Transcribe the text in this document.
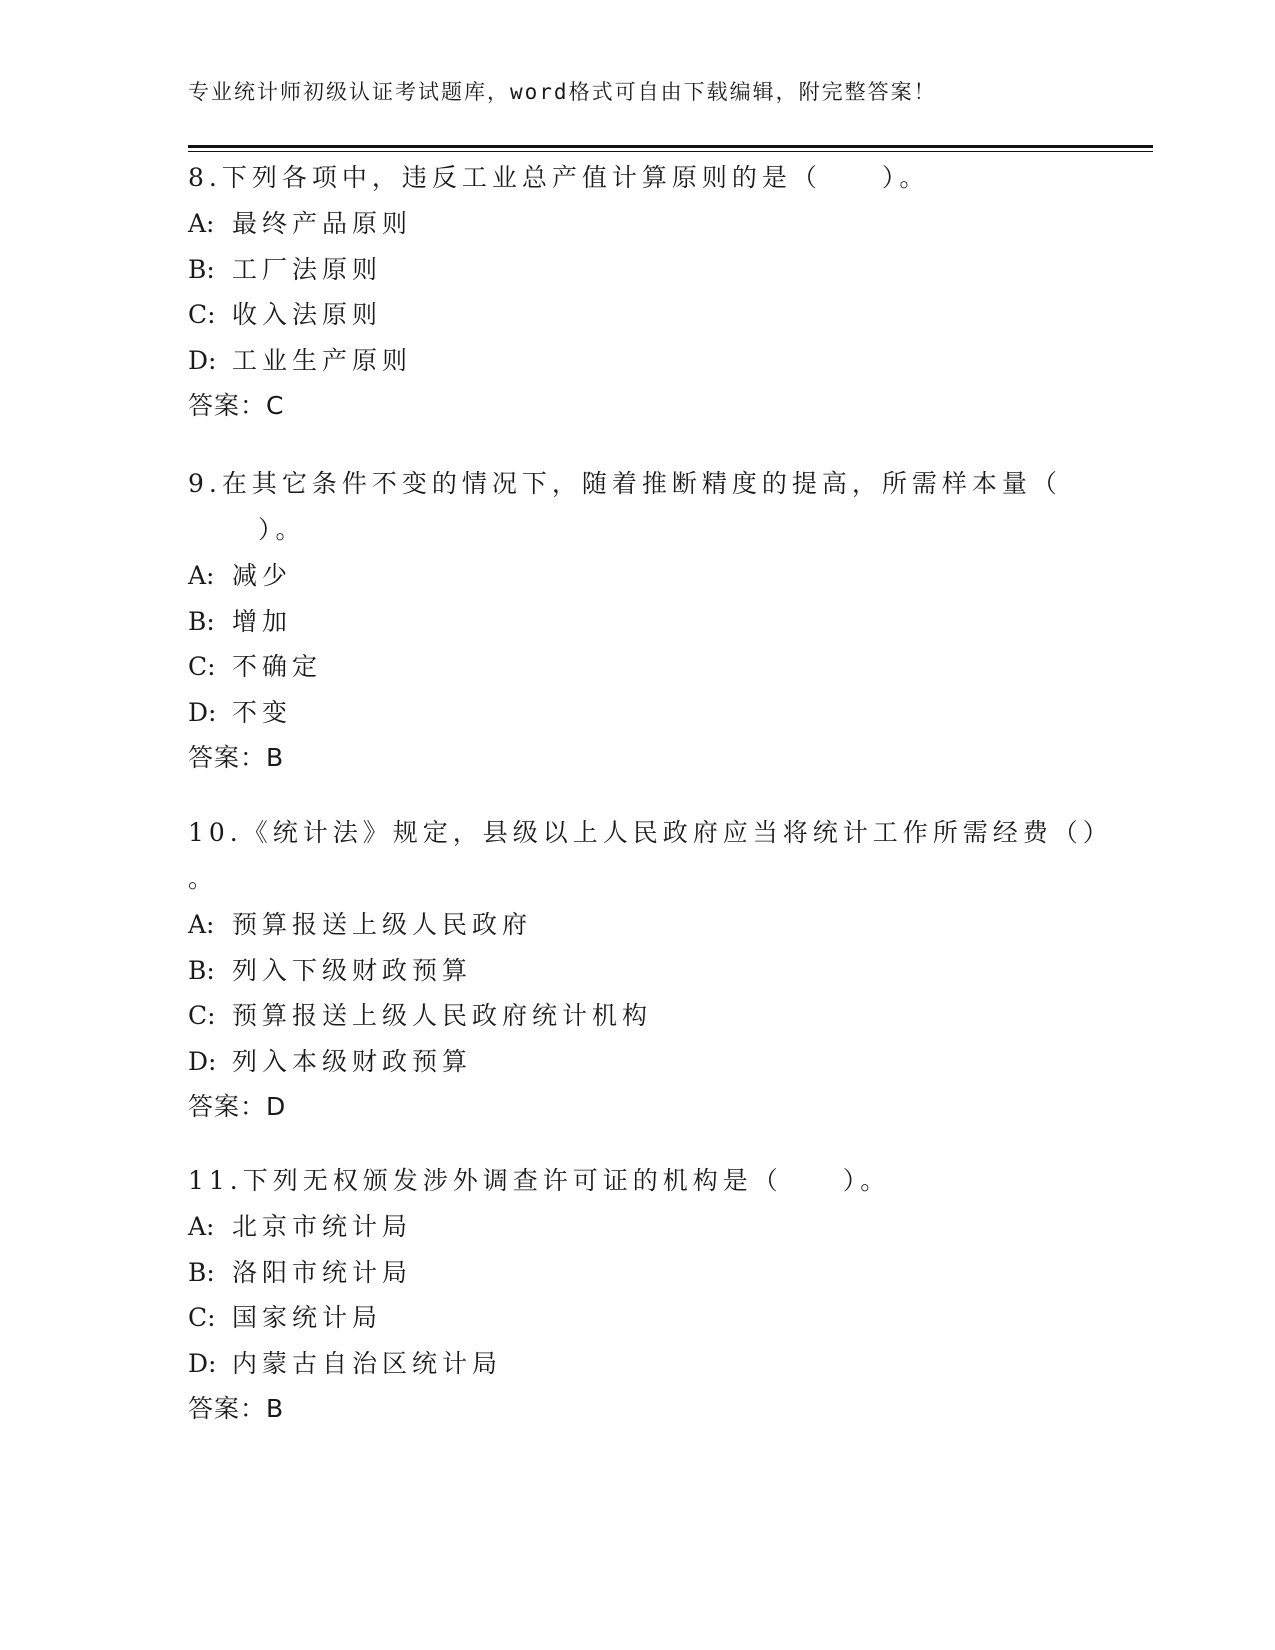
专业统计师初级认证考试题库，word格式可自由下载编辑，附完整答案！
8.下列各项中，违反工业总产值计算原则的是（　　）。
A: 最终产品原则
B: 工厂法原则
C: 收入法原则
D: 工业生产原则
答案：C
9.在其它条件不变的情况下，随着推断精度的提高，所需样本量（
）。
A: 减少
B: 增加
C: 不确定
D: 不变
答案：B
10.《统计法》规定，县级以上人民政府应当将统计工作所需经费（）
。
A: 预算报送上级人民政府
B: 列入下级财政预算
C: 预算报送上级人民政府统计机构
D: 列入本级财政预算
答案：D
11.下列无权颁发涉外调查许可证的机构是（　　）。
A: 北京市统计局
B: 洛阳市统计局
C: 国家统计局
D: 内蒙古自治区统计局
答案：B
